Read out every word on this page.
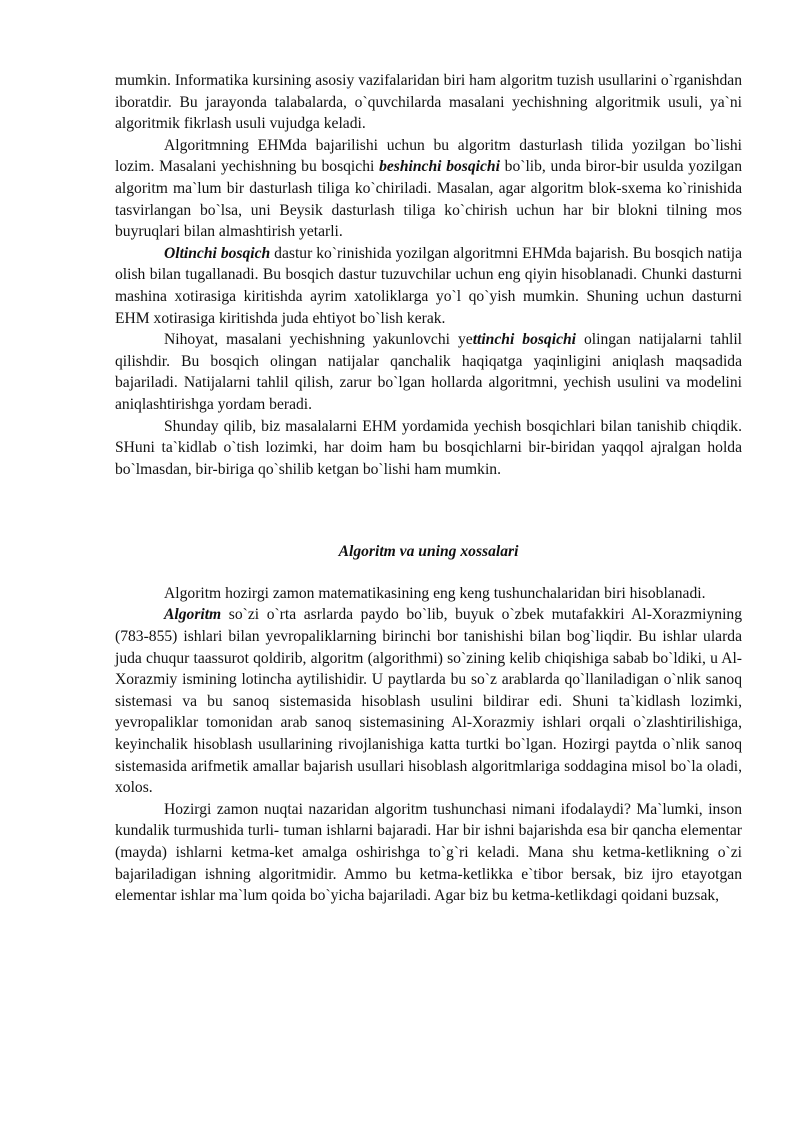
mumkin. Informatika kursining asosiy vazifalaridan biri ham algoritm tuzish usullarini o`rganishdan iboratdir. Bu jarayonda talabalarda, o`quvchilarda masalani yechishning algoritmik usuli, ya`ni algoritmik fikrlash usuli vujudga keladi.

Algoritmning EHMda bajarilishi uchun bu algoritm dasturlash tilida yozilgan bo`lishi lozim. Masalani yechishning bu bosqichi beshinchi bosqichi bo`lib, unda biror-bir usulda yozilgan algoritm ma`lum bir dasturlash tiliga ko`chiriladi. Masalan, agar algoritm blok-sxema ko`rinishida tasvirlangan bo`lsa, uni Beysik dasturlash tiliga ko`chirish uchun har bir blokni tilning mos buyruqlari bilan almashtirish yetarli.

Oltinchi bosqich dastur ko`rinishida yozilgan algoritmni EHMda bajarish. Bu bosqich natija olish bilan tugallanadi. Bu bosqich dastur tuzuvchilar uchun eng qiyin hisoblanadi. Chunki dasturni mashina xotirasiga kiritishda ayrim xatoliklarga yo`l qo`yish mumkin. Shuning uchun dasturni EHM xotirasiga kiritishda juda ehtiyot bo`lish kerak.

Nihoyat, masalani yechishning yakunlovchi yettinchi bosqichi olingan natijalarni tahlil qilishdir. Bu bosqich olingan natijalar qanchalik haqiqatga yaqinligini aniqlash maqsadida bajariladi. Natijalarni tahlil qilish, zarur bo`lgan hollarda algoritmni, yechish usulini va modelini aniqlashtirishga yordam beradi.

Shunday qilib, biz masalalarni EHM yordamida yechish bosqichlari bilan tanishib chiqdik. SHuni ta`kidlab o`tish lozimki, har doim ham bu bosqichlarni bir-biridan yaqqol ajralgan holda bo`lmasdan, bir-biriga qo`shilib ketgan bo`lishi ham mumkin.

Algoritm va uning xossalari

Algoritm hozirgi zamon matematikasining eng keng tushunchalaridan biri hisoblanadi.

Algoritm so`zi o`rta asrlarda paydo bo`lib, buyuk o`zbek mutafakkiri Al-Xorazmiyning (783-855) ishlari bilan yevropaliklarning birinchi bor tanishishi bilan bog`liqdir. Bu ishlar ularda juda chuqur taassurot qoldirib, algoritm (algorithmi) so`zining kelib chiqishiga sabab bo`ldiki, u Al-Xorazmiy ismining lotincha aytilishidir. U paytlarda bu so`z arablarda qo`llaniladigan o`nlik sanoq sistemasi va bu sanoq sistemasida hisoblash usulini bildirar edi. Shuni ta`kidlash lozimki, yevropaliklar tomonidan arab sanoq sistemasining Al-Xorazmiy ishlari orqali o`zlashtirilishiga, keyinchalik hisoblash usullarining rivojlanishiga katta turtki bo`lgan. Hozirgi paytda o`nlik sanoq sistemasida arifmetik amallar bajarish usullari hisoblash algoritmlariga soddagina misol bo`la oladi, xolos.

Hozirgi zamon nuqtai nazaridan algoritm tushunchasi nimani ifodalaydi? Ma`lumki, inson kundalik turmushida turli- tuman ishlarni bajaradi. Har bir ishni bajarishda esa bir qancha elementar (mayda) ishlarni ketma-ket amalga oshirishga to`g`ri keladi. Mana shu ketma-ketlikning o`zi bajariladigan ishning algoritmidir. Ammo bu ketma-ketlikka e`tibor bersak, biz ijro etayotgan elementar ishlar ma`lum qoida bo`yicha bajariladi. Agar biz bu ketma-ketlikdagi qoidani buzsak,
